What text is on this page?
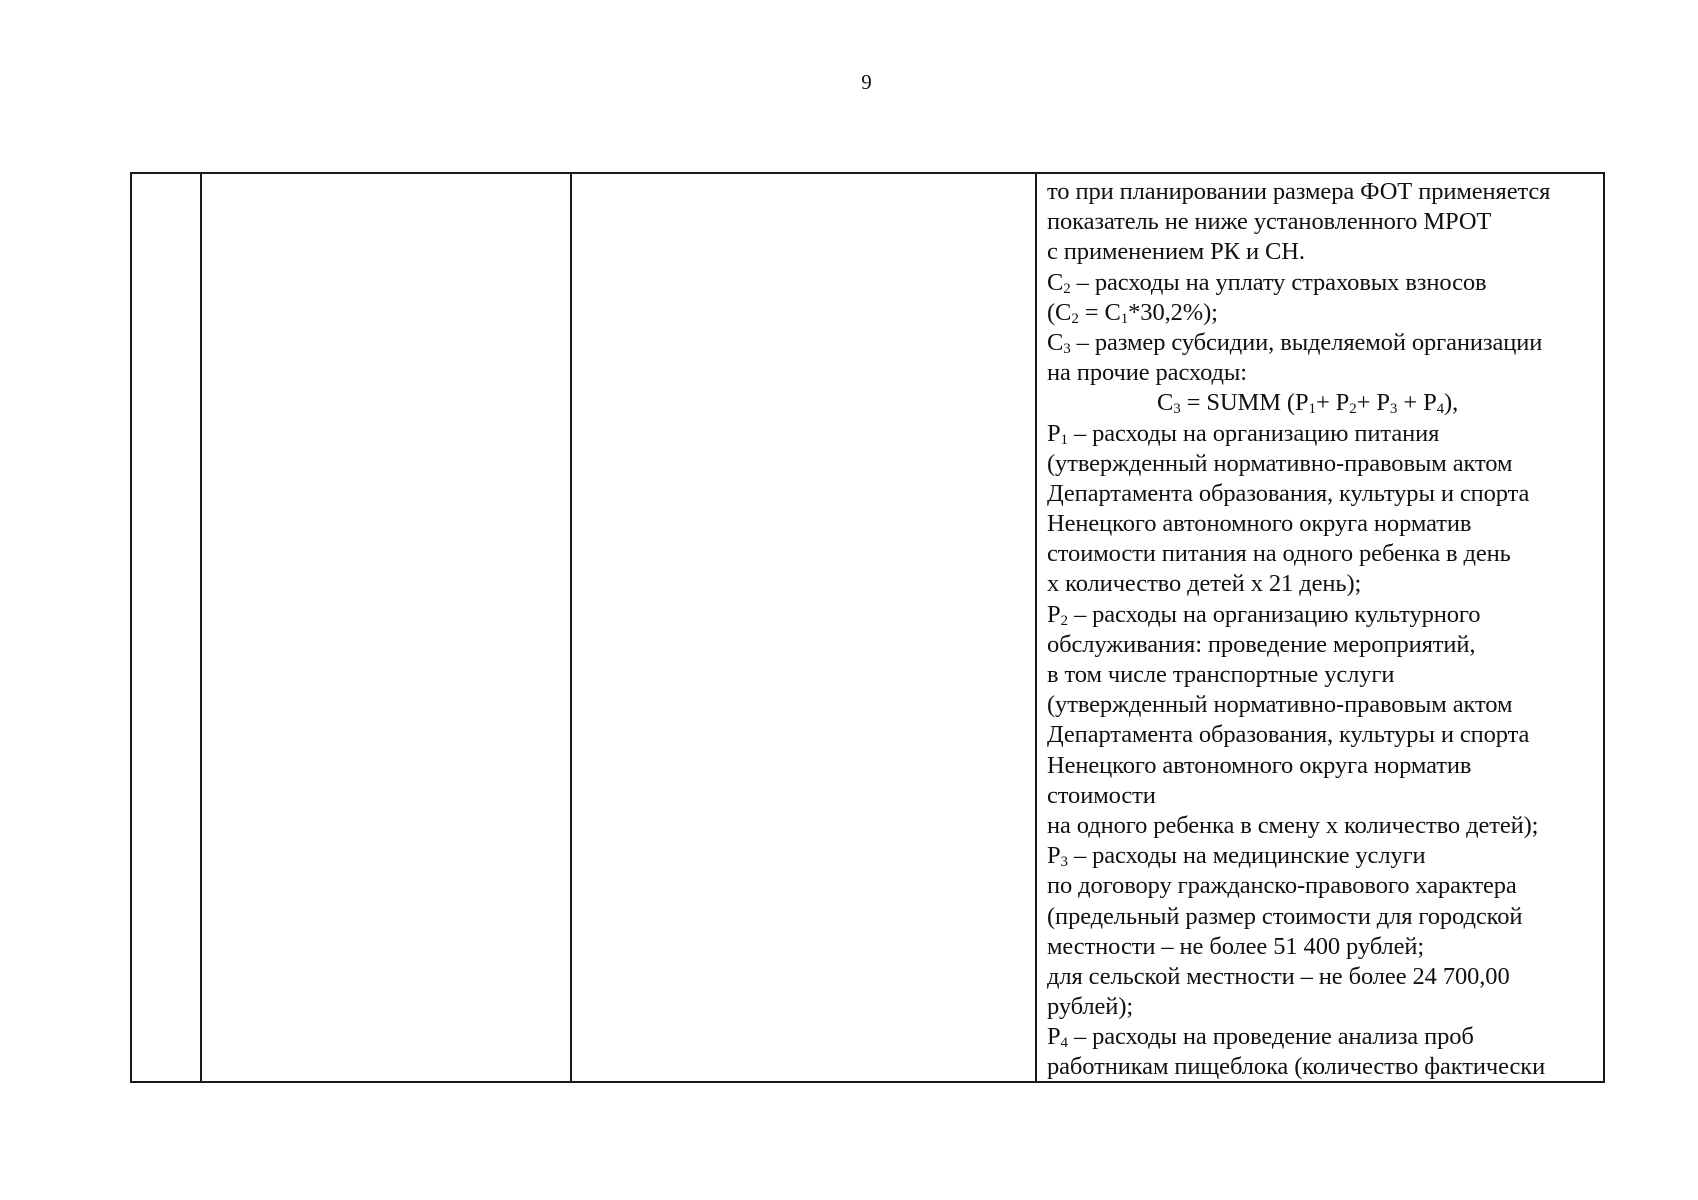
9
то при планировании размера ФОТ применяется
показатель не ниже установленного МРОТ
с применением РК и СН.
$С_2$ – расходы на уплату страховых взносов
$(С_2 = С_1*30,2\%)$;
$С_3$ – размер субсидии, выделяемой организации
на прочие расходы:
$С_3$ = SUMM $(Р_1+ Р_2+ Р_3 + Р_4)$,
$Р_1$ – расходы на организацию питания
(утвержденный нормативно-правовым актом
Департамента образования, культуры и спорта
Ненецкого автономного округа норматив
стоимости питания на одного ребенка в день
х количество детей х 21 день);
$Р_2$ – расходы на организацию культурного
обслуживания: проведение мероприятий,
в том числе транспортные услуги
(утвержденный нормативно-правовым актом
Департамента образования, культуры и спорта
Ненецкого автономного округа норматив
стоимости
на одного ребенка в смену х количество детей);
$Р_3$ – расходы на медицинские услуги
по договору гражданско-правового характера
(предельный размер стоимости для городской
местности – не более 51 400 рублей;
для сельской местности – не более 24 700,00
рублей);
$Р_4$ – расходы на проведение анализа проб
работникам пищеблока (количество фактически
